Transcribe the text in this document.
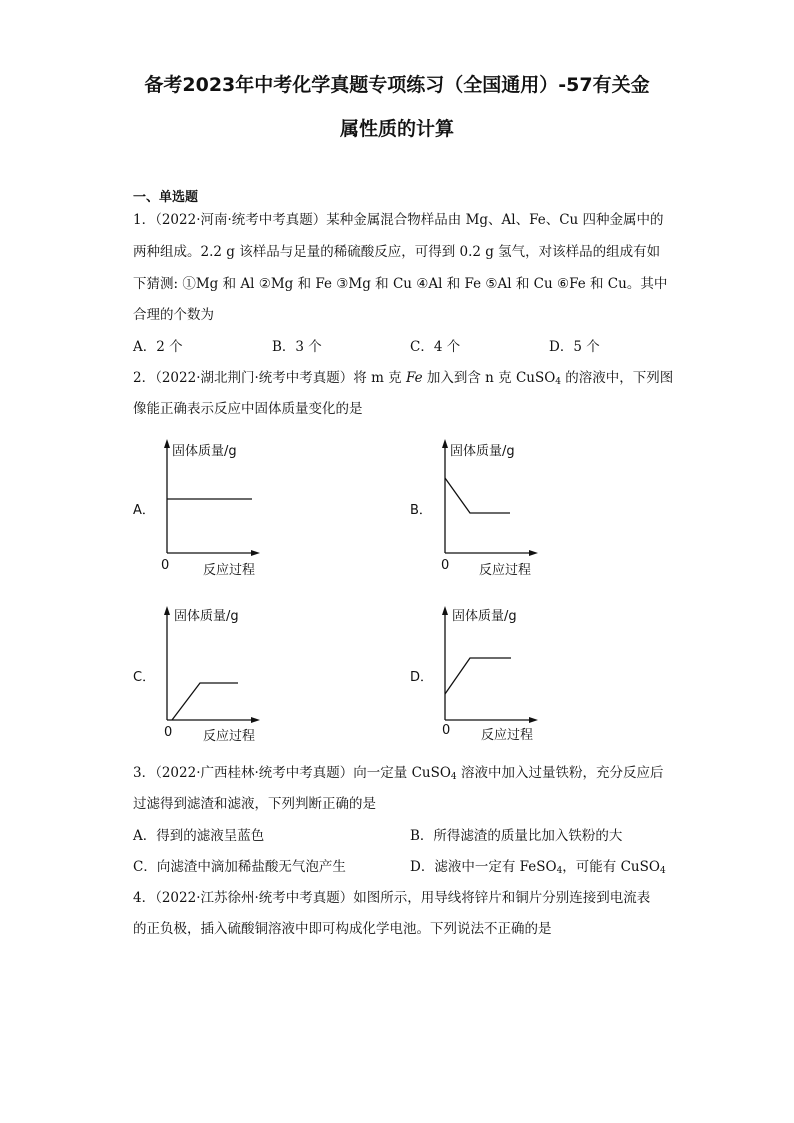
备考2023年中考化学真题专项练习（全国通用）-57有关金
属性质的计算
一、单选题
1．（2022·河南·统考中考真题）某种金属混合物样品由 Mg、Al、Fe、Cu 四种金属中的
两种组成。2.2 g 该样品与足量的稀硫酸反应，可得到 0.2 g 氢气，对该样品的组成有如
下猜测: ①Mg 和 Al ②Mg 和 Fe ③Mg 和 Cu ④Al 和 Fe ⑤Al 和 Cu ⑥Fe 和 Cu。其中
合理的个数为
A．2 个	B．3 个	C．4 个	D．5 个
2．（2022·湖北荆门·统考中考真题）将 m 克 Fe 加入到含 n 克 CuSO$_4$ 的溶液中，下列图
像能正确表示反应中固体质量变化的是
A．	B．
C．	D．
固体质量/g
0	反应过程
固体质量/g
0 反应过程
固体质量/g
0 反应过程
固体质量/g
0 反应过程
3．（2022·广西桂林·统考中考真题）向一定量 CuSO$_4$ 溶液中加入过量铁粉，充分反应后
过滤得到滤渣和滤液，下列判断正确的是
A．得到的滤液呈蓝色	B．所得滤渣的质量比加入铁粉的大
C．向滤渣中滴加稀盐酸无气泡产生	D．滤液中一定有 FeSO$_4$，可能有 CuSO$_4$
4．（2022·江苏徐州·统考中考真题）如图所示，用导线将锌片和铜片分别连接到电流表
的正负极，插入硫酸铜溶液中即可构成化学电池。下列说法不正确的是
